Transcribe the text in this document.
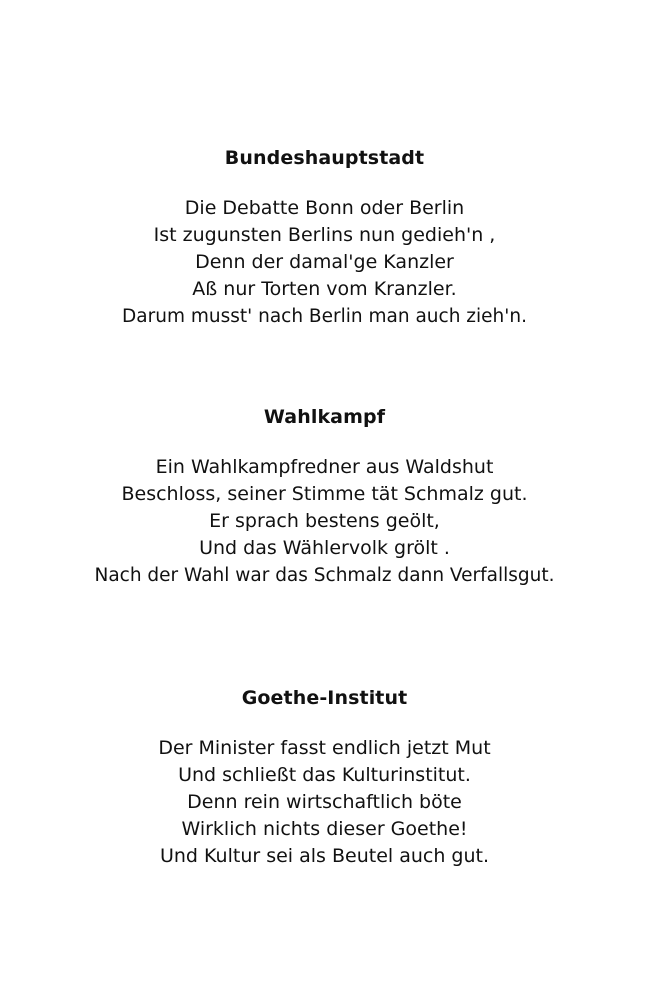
Bundeshauptstadt
Die Debatte Bonn oder Berlin
Ist zugunsten Berlins nun gedieh'n ,
Denn der damal'ge Kanzler
Aß nur Torten vom Kranzler.
Darum musst' nach Berlin man auch zieh'n.
Wahlkampf
Ein Wahlkampfredner aus Waldshut
Beschloss, seiner Stimme tät Schmalz gut.
Er sprach bestens geölt,
Und das Wählervolk grölt .
Nach der Wahl war das Schmalz dann Verfallsgut.
Goethe-Institut
Der Minister fasst endlich jetzt Mut
Und schließt das Kulturinstitut.
Denn rein wirtschaftlich böte
Wirklich nichts dieser Goethe!
Und Kultur sei als Beutel auch gut.
